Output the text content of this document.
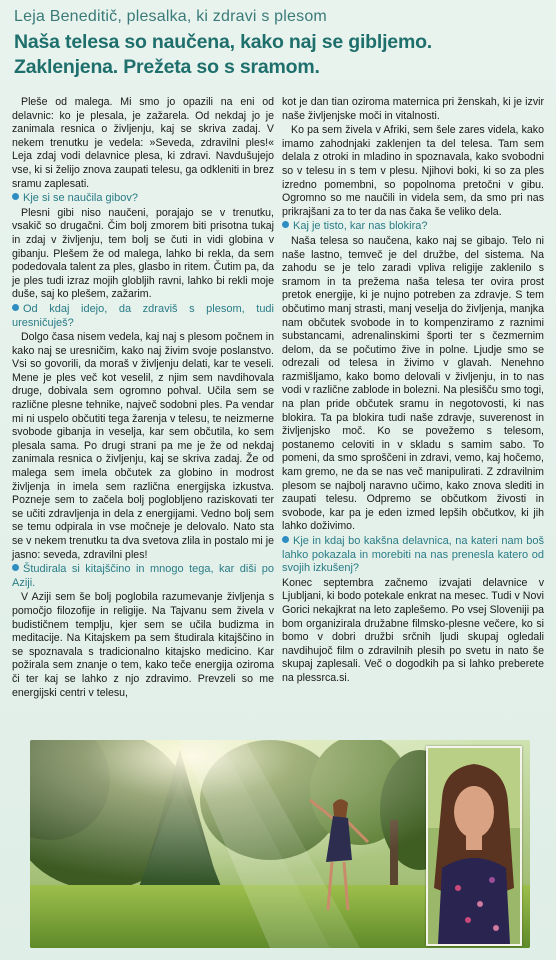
Leja Beneditič, plesalka, ki zdravi s plesom
Naša telesa so naučena, kako naj se gibljemo.
Zaklenjena. Prežeta so s sramom.

Pleše od malega. Mi smo jo opazili na eni od delavnic: ko je plesala, je zažarela. Od nekdaj jo je zanimala resnica o življenju, kaj se skriva zadaj. V nekem trenutku je vedela: »Seveda, zdravilni ples!« Leja zdaj vodi delavnice plesa, ki zdravi. Navdušujejo vse, ki si želijo znova zaupati telesu, ga odkleniti in brez sramu zaplesati.

Kje si se naučila gibov?

Plesni gibi niso naučeni, porajajo se v trenutku, vsakič so drugačni. Čim bolj zmorem biti prisotna tukaj in zdaj v življenju, tem bolj se čuti in vidi globina v gibanju. Plešem že od malega, lahko bi rekla, da sem podedovala talent za ples, glasbo in ritem. Čutim pa, da je ples tudi izraz mojih globljih ravni, lahko bi rekli moje duše, saj ko plešem, zažarim.

Od kdaj idejo, da zdraviš s plesom, tudi uresničuješ?

Dolgo časa nisem vedela, kaj naj s plesom počnem in kako naj se uresničim, kako naj živim svoje poslanstvo. Vsi so govorili, da moraš v življenju delati, kar te veseli. Mene je ples več kot veselil, z njim sem navdihovala druge, dobivala sem ogromno pohval. Učila sem se različne plesne tehnike, največ sodobni ples. Pa vendar mi ni uspelo občutiti tega žarenja v telesu, te neizmerne svobode gibanja in veselja, kar sem občutila, ko sem plesala sama. Po drugi strani pa me je že od nekdaj zanimala resnica o življenju, kaj se skriva zadaj. Že od malega sem imela občutek za globino in modrost življenja in imela sem različna energijska izkustva. Pozneje sem to začela bolj poglobljeno raziskovati ter se učiti zdravljenja in dela z energijami. Vedno bolj sem se temu odpirala in vse močneje je delovalo. Nato sta se v nekem trenutku ta dva svetova zlila in postalo mi je jasno: seveda, zdravilni ples!

Študirala si kitajščino in mnogo tega, kar diši po Aziji.

V Aziji sem še bolj poglobila razumevanje življenja s pomočjo filozofije in religije. Na Tajvanu sem živela v budističnem templju, kjer sem se učila budizma in meditacije. Na Kitajskem pa sem študirala kitajščino in se spoznavala s tradicionalno kitajsko medicino. Kar požirala sem znanje o tem, kako teče energija oziroma či ter kaj se lahko z njo zdravimo. Prevzeli so me energijski centri v telesu,

kot je dan tian oziroma maternica pri ženskah, ki je izvir naše življenjske moči in vitalnosti.

Ko pa sem živela v Afriki, sem šele zares videla, kako imamo zahodnjaki zaklenjen ta del telesa. Tam sem delala z otroki in mladino in spoznavala, kako svobodni so v telesu in s tem v plesu. Njihovi boki, ki so za ples izredno pomembni, so popolnoma pretočni v gibu. Ogromno so me naučili in videla sem, da smo pri nas prikrajšani za to ter da nas čaka še veliko dela.

Kaj je tisto, kar nas blokira?

Naša telesa so naučena, kako naj se gibajo. Telo ni naše lastno, temveč je del družbe, del sistema. Na zahodu se je telo zaradi vpliva religije zaklenilo s sramom in ta prežema naša telesa ter ovira prost pretok energije, ki je nujno potreben za zdravje. S tem občutimo manj strasti, manj veselja do življenja, manjka nam občutek svobode in to kompenziramo z raznimi substancami, adrenalinskimi športi ter s čezmernim delom, da se počutimo žive in polne. Ljudje smo se odrezali od telesa in živimo v glavah. Nenehno razmišljamo, kako bomo delovali v življenju, in to nas vodi v različne zablode in bolezni. Na plesišču smo togi, na plan pride občutek sramu in negotovosti, ki nas blokira. Ta pa blokira tudi naše zdravje, suverenost in življenjsko moč. Ko se povežemo s telesom, postanemo celoviti in v skladu s samim sabo. To pomeni, da smo sproščeni in zdravi, vemo, kaj hočemo, kam gremo, ne da se nas več manipulirati. Z zdravilnim plesom se najbolj naravno učimo, kako znova slediti in zaupati telesu. Odpremo se občutkom živosti in svobode, kar pa je eden izmed lepših občutkov, ki jih lahko doživimo.

Kje in kdaj bo kakšna delavnica, na kateri nam boš lahko pokazala in morebiti na nas prenesla katero od svojih izkušenj?

Konec septembra začnemo izvajati delavnice v Ljubljani, ki bodo potekale enkrat na mesec. Tudi v Novi Gorici nekajkrat na leto zaplešemo. Po vsej Sloveniji pa bom organizirala družabne filmsko-plesne večere, ko si bomo v dobri družbi srčnih ljudi skupaj ogledali navdihujoč film o zdravilnih plesih po svetu in nato še skupaj zaplesali. Več o dogodkih pa si lahko preberete na plessrca.si.
